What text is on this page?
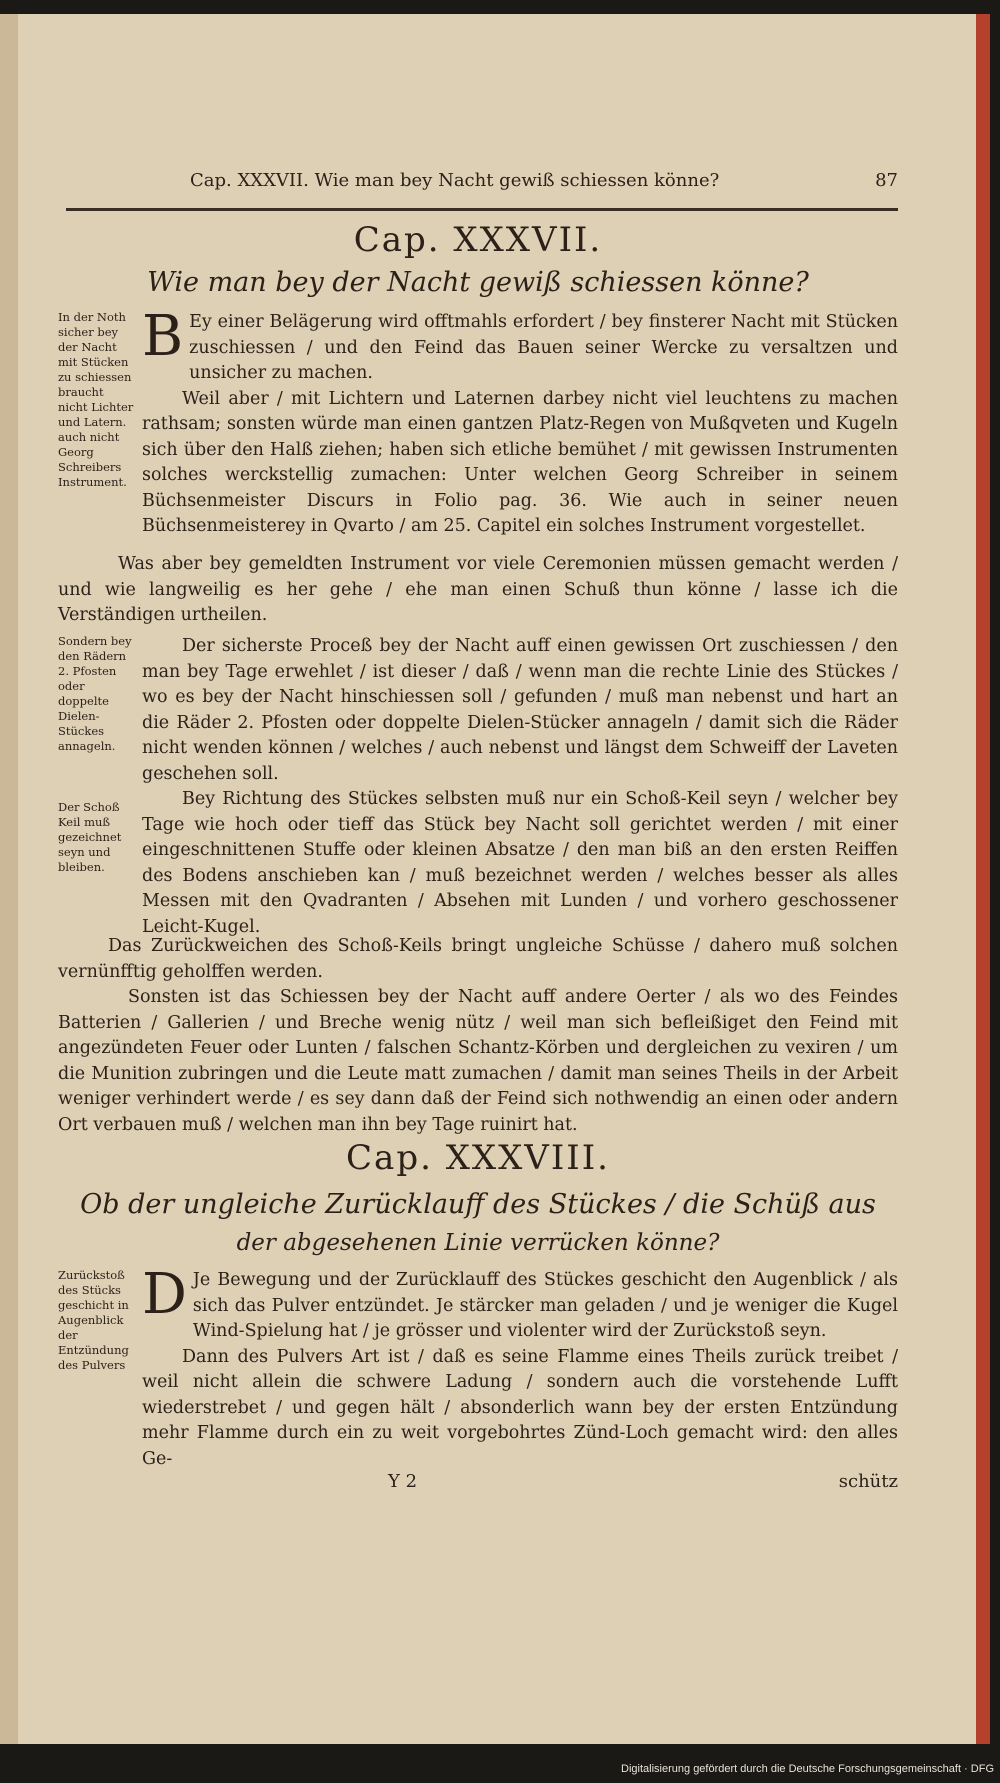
Cap. XXXVII. Wie man bey Nacht gewiß schiessen könne?	87
Cap. XXXVII.
Wie man bey der Nacht gewiß schiessen könne?
In der Noth sicher bey der Nacht mit Stücken zu schiessen braucht nicht Lichter und Latern. auch nicht Georg Schreibers Instrument.
Sondern bey den Rädern 2. Pfosten oder doppelte Dielen-Stückes annageln.
Der Schoß Keil muß gezeichnet seyn und bleiben.

B Ey einer Belägerung wird offtmahls erfordert / bey finsterer Nacht mit Stücken zuschiessen / und den Feind das Bauen seiner Wercke zu versaltzen und unsicher zu machen.

Weil aber / mit Lichtern und Laternen darbey nicht viel leuchtens zu machen rathsam; sonsten würde man einen gantzen Platz-Regen von Mußqveten und Kugeln sich über den Halß ziehen; haben sich etliche bemühet / mit gewissen Instrumenten solches werckstellig zumachen: Unter welchen Georg Schreiber in seinem Büchsenmeister Discurs in Folio pag. 36. Wie auch in seiner neuen Büchsenmeisterey in Qvarto / am 25. Capitel ein solches Instrument vorgestellet.

Was aber bey gemeldten Instrument vor viele Ceremonien müssen gemacht werden / und wie langweilig es her gehe / ehe man einen Schuß thun könne / lasse ich die Verständigen urtheilen.

Der sicherste Proceß bey der Nacht auff einen gewissen Ort zuschiessen / den man bey Tage erwehlet / ist dieser / daß / wenn man die rechte Linie des Stückes / wo es bey der Nacht hinschiessen soll / gefunden / muß man nebenst und hart an die Räder 2. Pfosten oder doppelte Dielen-Stücker annageln / damit sich die Räder nicht wenden können / welches / auch nebenst und längst dem Schweiff der Laveten geschehen soll.

Bey Richtung des Stückes selbsten muß nur ein Schoß-Keil seyn / welcher bey Tage wie hoch oder tieff das Stück bey Nacht soll gerichtet werden / mit einer eingeschnittenen Stuffe oder kleinen Absatze / den man biß an den ersten Reiffen des Bodens anschieben kan / muß bezeichnet werden / welches besser als alles Messen mit den Qvadranten / Absehen mit Lunden / und vorhero geschossener Leicht-Kugel.

Das Zurückweichen des Schoß-Keils bringt ungleiche Schüsse / dahero muß solchen vernünfftig geholffen werden.

Sonsten ist das Schiessen bey der Nacht auff andere Oerter / als wo des Feindes Batterien / Gallerien / und Breche wenig nütz / weil man sich befleißiget den Feind mit angezündeten Feuer oder Lunten / falschen Schantz-Körben und dergleichen zu vexiren / um die Munition zubringen und die Leute matt zumachen / damit man seines Theils in der Arbeit weniger verhindert werde / es sey dann daß der Feind sich nothwendig an einen oder andern Ort verbauen muß / welchen man ihn bey Tage ruinirt hat.

Cap. XXXVIII.
Ob der ungleiche Zurücklauff des Stückes / die Schüß aus
der abgesehenen Linie verrücken könne?
Zurückstoß des Stücks geschicht in Augenblick der Entzündung des Pulvers

D Je Bewegung und der Zurücklauff des Stückes geschicht den Augenblick / als sich das Pulver entzündet. Je stärcker man geladen / und je weniger die Kugel Wind-Spielung hat / je grösser und violenter wird der Zurückstoß seyn.

Dann des Pulvers Art ist / daß es seine Flamme eines Theils zurück treibet / weil nicht allein die schwere Ladung / sondern auch die vorstehende Lufft wiederstrebet / und gegen hält / absonderlich wann bey der ersten Entzündung mehr Flamme durch ein zu weit vorgebohrtes Zünd-Loch gemacht wird: den alles Ge-

Y 2	schütz
Digitalisierung gefördert durch die Deutsche Forschungsgemeinschaft · DFG
